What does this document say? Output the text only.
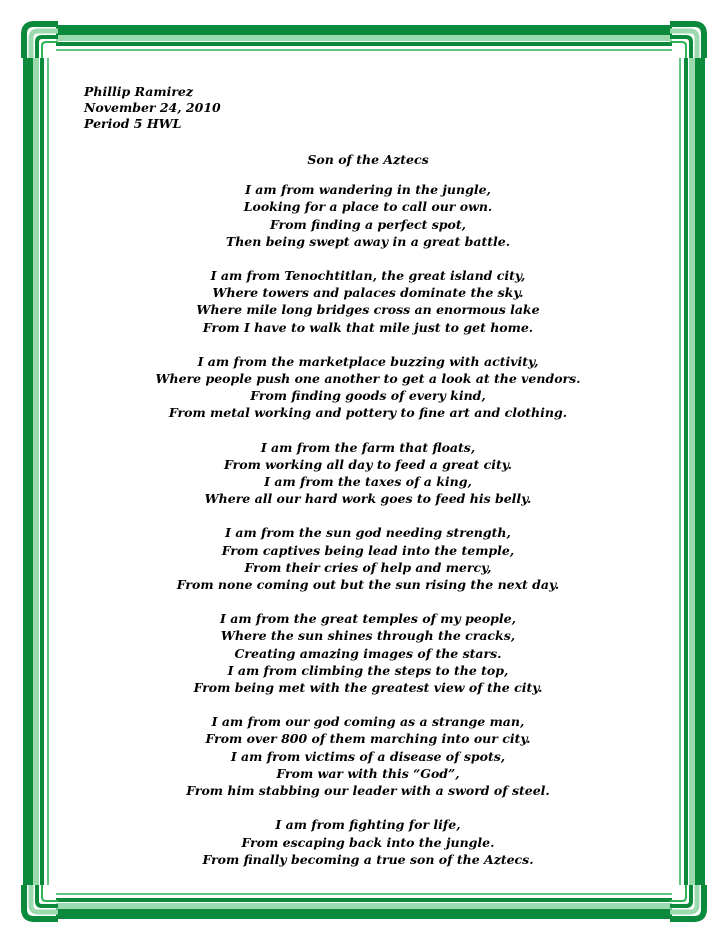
Phillip Ramirez
November 24, 2010
Period 5 HWL
Son of the Aztecs
I am from wandering in the jungle,
Looking for a place to call our own.
From finding a perfect spot,
Then being swept away in a great battle.
I am from Tenochtitlan, the great island city,
Where towers and palaces dominate the sky.
Where mile long bridges cross an enormous lake
From I have to walk that mile just to get home.
I am from the marketplace buzzing with activity,
Where people push one another to get a look at the vendors.
From finding goods of every kind,
From metal working and pottery to fine art and clothing.
I am from the farm that floats,
From working all day to feed a great city.
I am from the taxes of a king,
Where all our hard work goes to feed his belly.
I am from the sun god needing strength,
From captives being lead into the temple,
From their cries of help and mercy,
From none coming out but the sun rising the next day.
I am from the great temples of my people,
Where the sun shines through the cracks,
Creating amazing images of the stars.
I am from climbing the steps to the top,
From being met with the greatest view of the city.
I am from our god coming as a strange man,
From over 800 of them marching into our city.
I am from victims of a disease of spots,
From war with this “God”,
From him stabbing our leader with a sword of steel.
I am from fighting for life,
From escaping back into the jungle.
From finally becoming a true son of the Aztecs.
